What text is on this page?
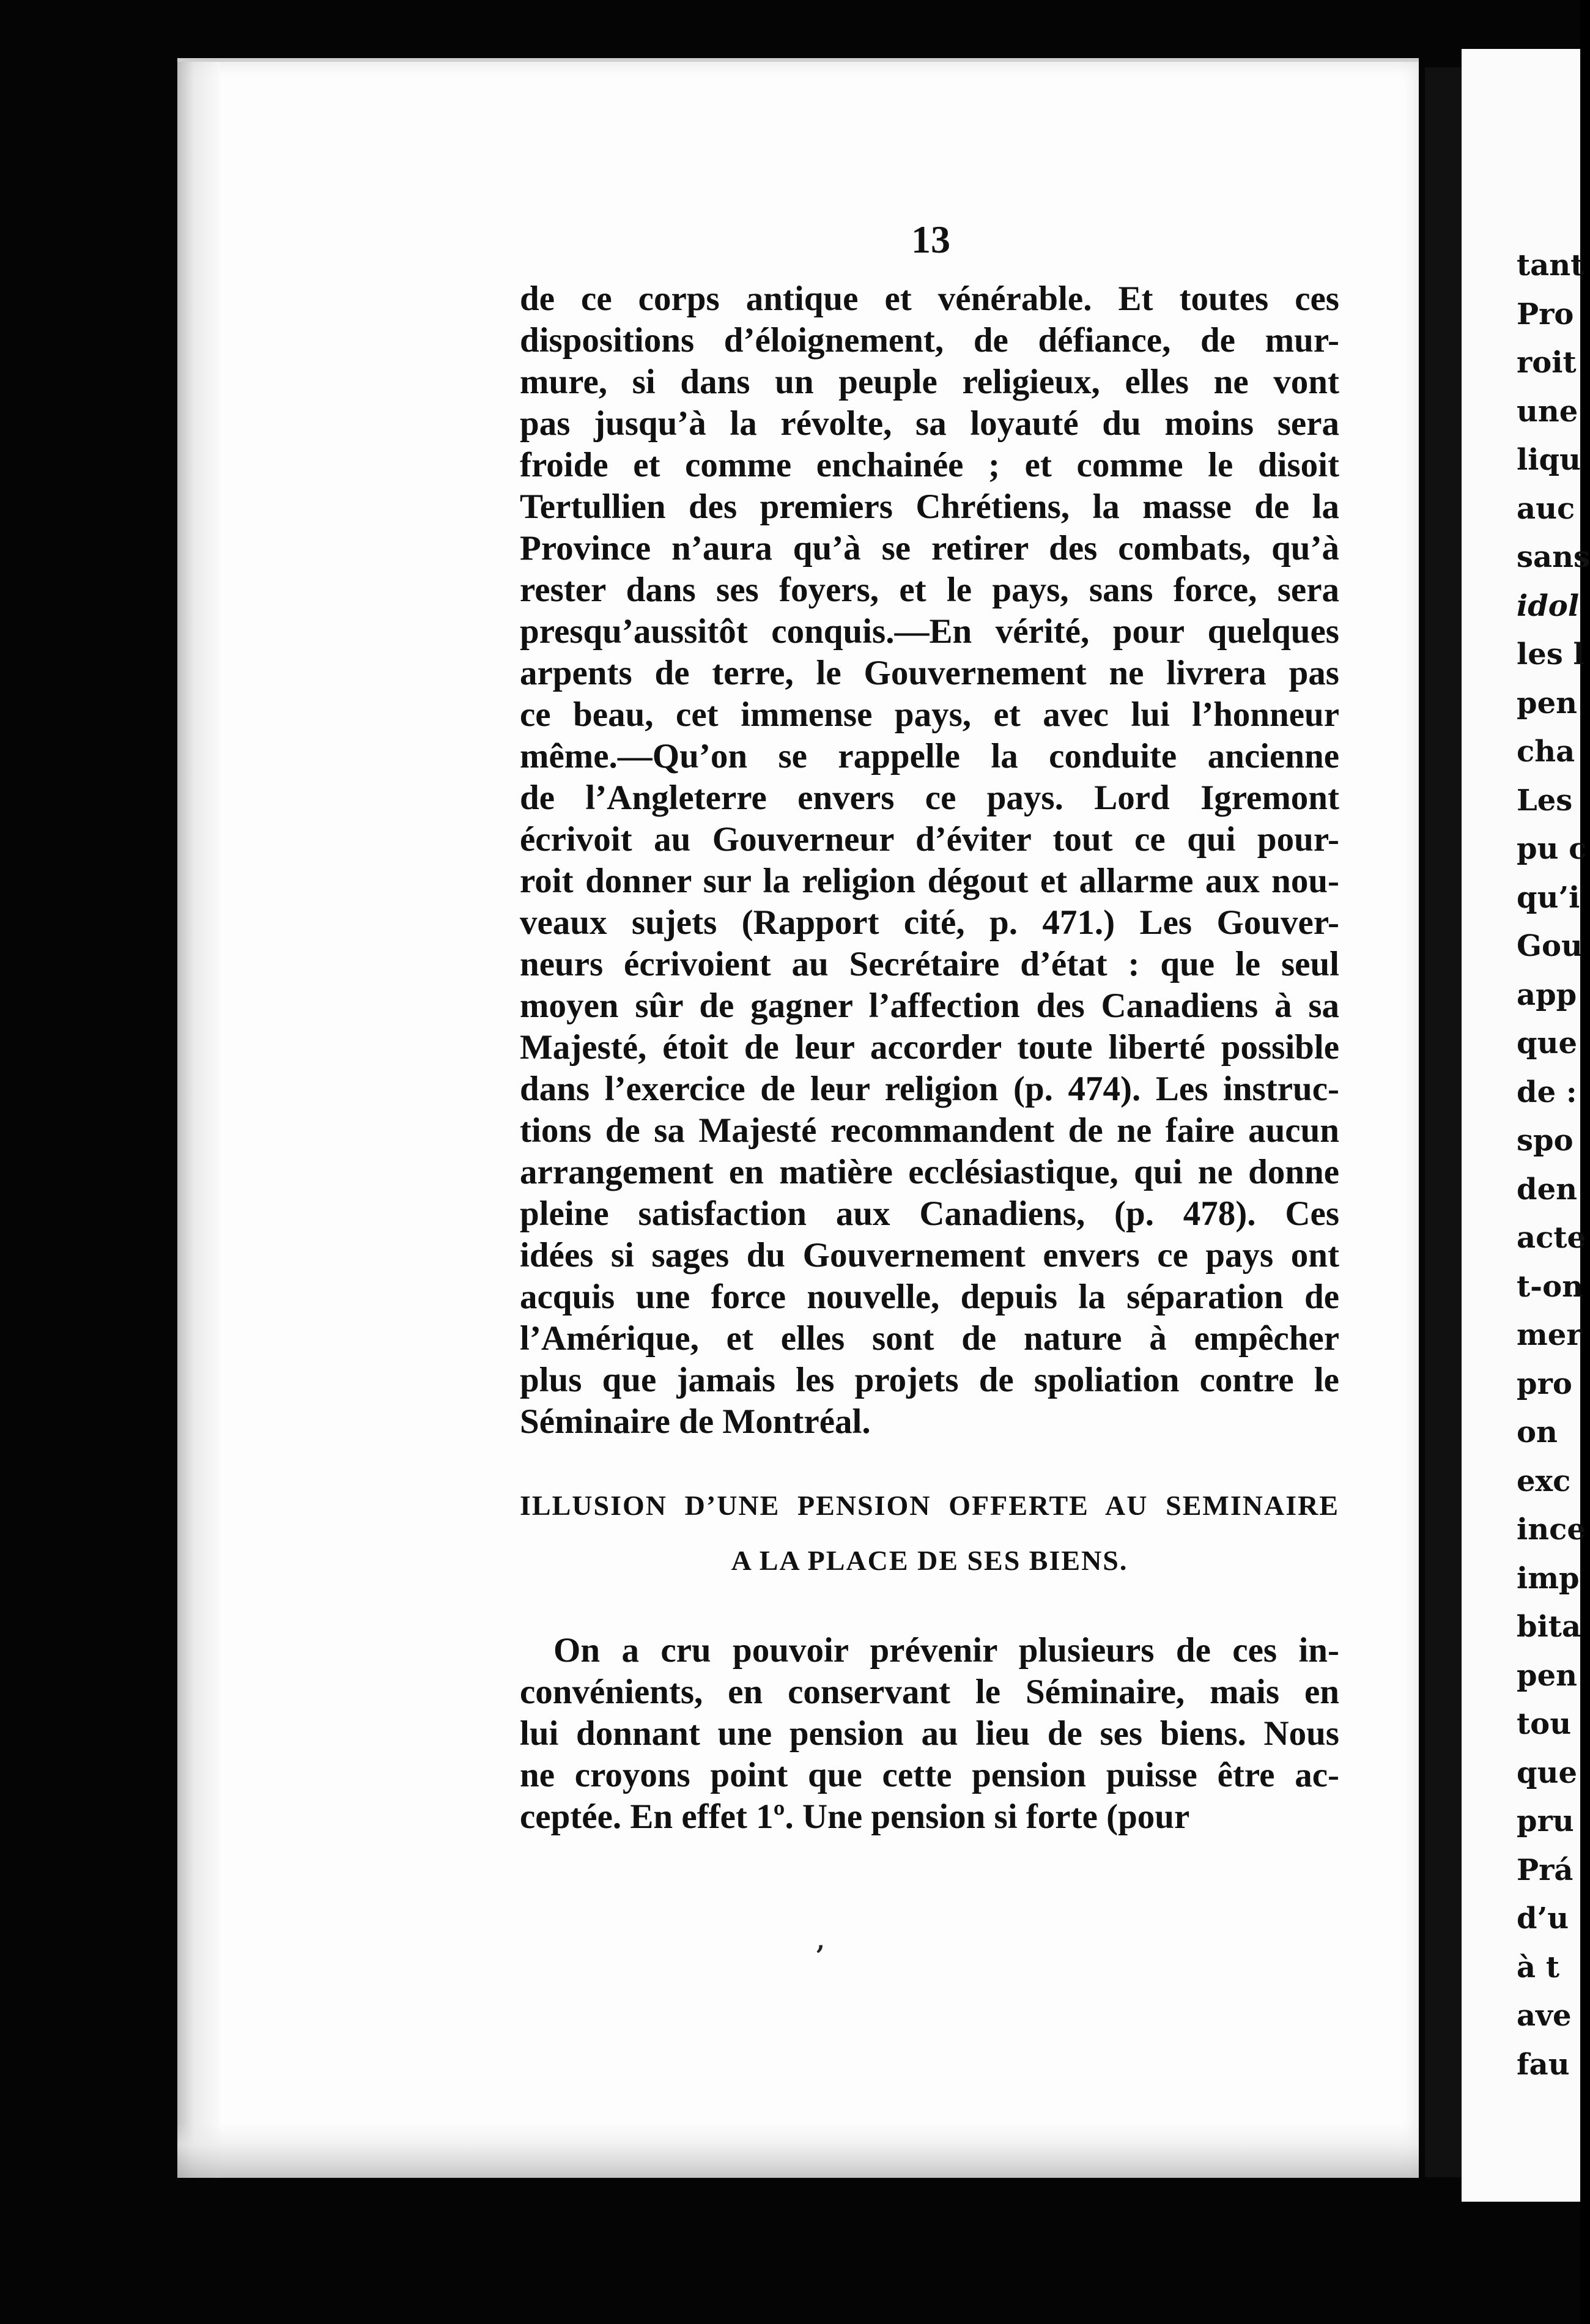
tant
Pro
roit
une
liqu
auc
sans
idol
les l
pen
cha
Les
pu c
qu’i
Gou
app
que
de :
spo
den
acte
t-on
mer
pro
on
exc
ince
imp
bita
pen
tou
que
pru
Prá
d’u
à t
ave
fau
13
de ce corps antique et vénérable. Et toutes ces
dispositions d’éloignement, de défiance, de mur-
mure, si dans un peuple religieux, elles ne vont
pas jusqu’à la révolte, sa loyauté du moins sera
froide et comme enchainée ; et comme le disoit
Tertullien des premiers Chrétiens, la masse de la
Province n’aura qu’à se retirer des combats, qu’à
rester dans ses foyers, et le pays, sans force, sera
presqu’aussitôt conquis.—En vérité, pour quelques
arpents de terre, le Gouvernement ne livrera pas
ce beau, cet immense pays, et avec lui l’honneur
même.—Qu’on se rappelle la conduite ancienne
de l’Angleterre envers ce pays. Lord Igremont
écrivoit au Gouverneur d’éviter tout ce qui pour-
roit donner sur la religion dégout et allarme aux nou-
veaux sujets (Rapport cité, p. 471.) Les Gouver-
neurs écrivoient au Secrétaire d’état : que le seul
moyen sûr de gagner l’affection des Canadiens à sa
Majesté, étoit de leur accorder toute liberté possible
dans l’exercice de leur religion (p. 474). Les instruc-
tions de sa Majesté recommandent de ne faire aucun
arrangement en matière ecclésiastique, qui ne donne
pleine satisfaction aux Canadiens, (p. 478). Ces
idées si sages du Gouvernement envers ce pays ont
acquis une force nouvelle, depuis la séparation de
l’Amérique, et elles sont de nature à empêcher
plus que jamais les projets de spoliation contre le
Séminaire de Montréal.
ILLUSION D’UNE PENSION OFFERTE AU SEMINAIRE
A LA PLACE DE SES BIENS.
On a cru pouvoir prévenir plusieurs de ces in-
convénients, en conservant le Séminaire, mais en
lui donnant une pension au lieu de ses biens. Nous
ne croyons point que cette pension puisse être ac-
ceptée. En effet 1º. Une pension si forte (pour
,
